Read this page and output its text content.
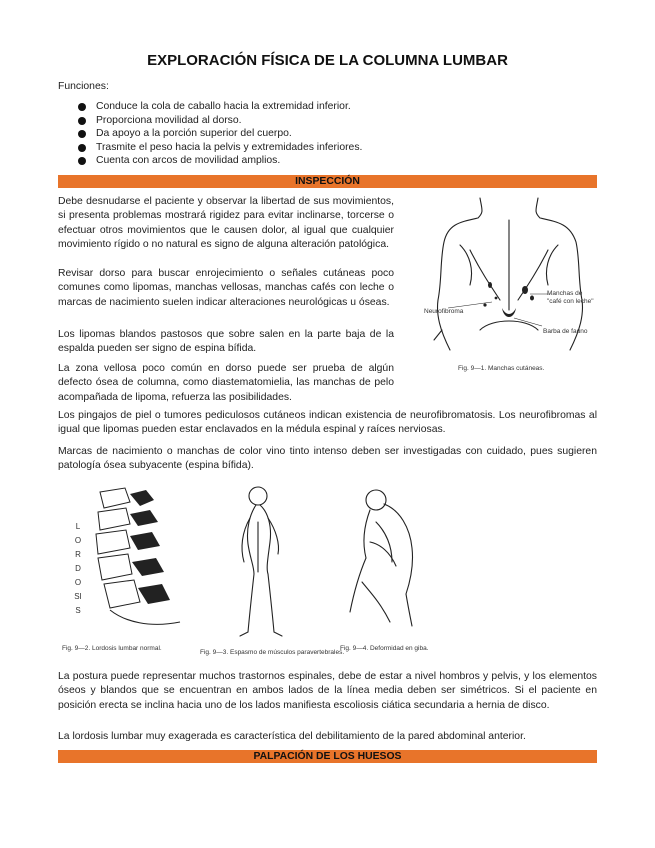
EXPLORACIÓN FÍSICA DE LA COLUMNA LUMBAR
Funciones:
Conduce la cola de caballo hacia la extremidad inferior.
Proporciona movilidad al dorso.
Da apoyo a la porción superior del cuerpo.
Trasmite el peso hacia la pelvis y extremidades inferiores.
Cuenta con arcos de movilidad amplios.
INSPECCIÓN
Debe desnudarse el paciente y observar la libertad de sus movimientos, si presenta problemas mostrará rigidez para evitar inclinarse, torcerse o efectuar otros movimientos que le causen dolor, al igual que cualquier movimiento rígido o no natural es signo de alguna alteración patológica.
Revisar dorso para buscar enrojecimiento o señales cutáneas poco comunes como lipomas, manchas vellosas, manchas cafés con leche o marcas de nacimiento suelen indicar alteraciones neurológicas u óseas.
Los lipomas blandos pastosos que sobre salen en la parte baja de la espalda pueden ser signo de espina bífida.
La zona vellosa poco común en dorso puede ser prueba de algún defecto ósea de columna, como diastematomielia, las manchas de pelo acompañada de lipoma, refuerza las posibilidades.
Manchas de
"café con leche"
Neurofibroma
Barba de fauno
Fig. 9—1. Manchas cutáneas.
Los pingajos de piel o tumores pediculosos cutáneos indican existencia de neurofibromatosis. Los neurofibromas al igual que lipomas pueden estar enclavados en la médula espinal y raíces nerviosas.
Marcas de nacimiento o manchas de color vino tinto intenso deben ser investigadas con cuidado, pues sugieren patología ósea subyacente (espina bífida).
LORDOSIS
Fig. 9—2. Lordosis lumbar normal.
Fig. 9—3. Espasmo de músculos paravertebrales.
Fig. 9—4. Deformidad en giba.
La postura puede representar muchos trastornos espinales, debe de estar a nivel hombros y pelvis, y los elementos óseos y blandos que se encuentran en ambos lados de la línea media deben ser simétricos. Si el paciente en posición erecta se inclina hacia uno de los lados manifiesta escoliosis ciática secundaria a hernia de disco.
La lordosis lumbar muy exagerada es característica del debilitamiento de la pared abdominal anterior.
PALPACIÓN DE LOS HUESOS
